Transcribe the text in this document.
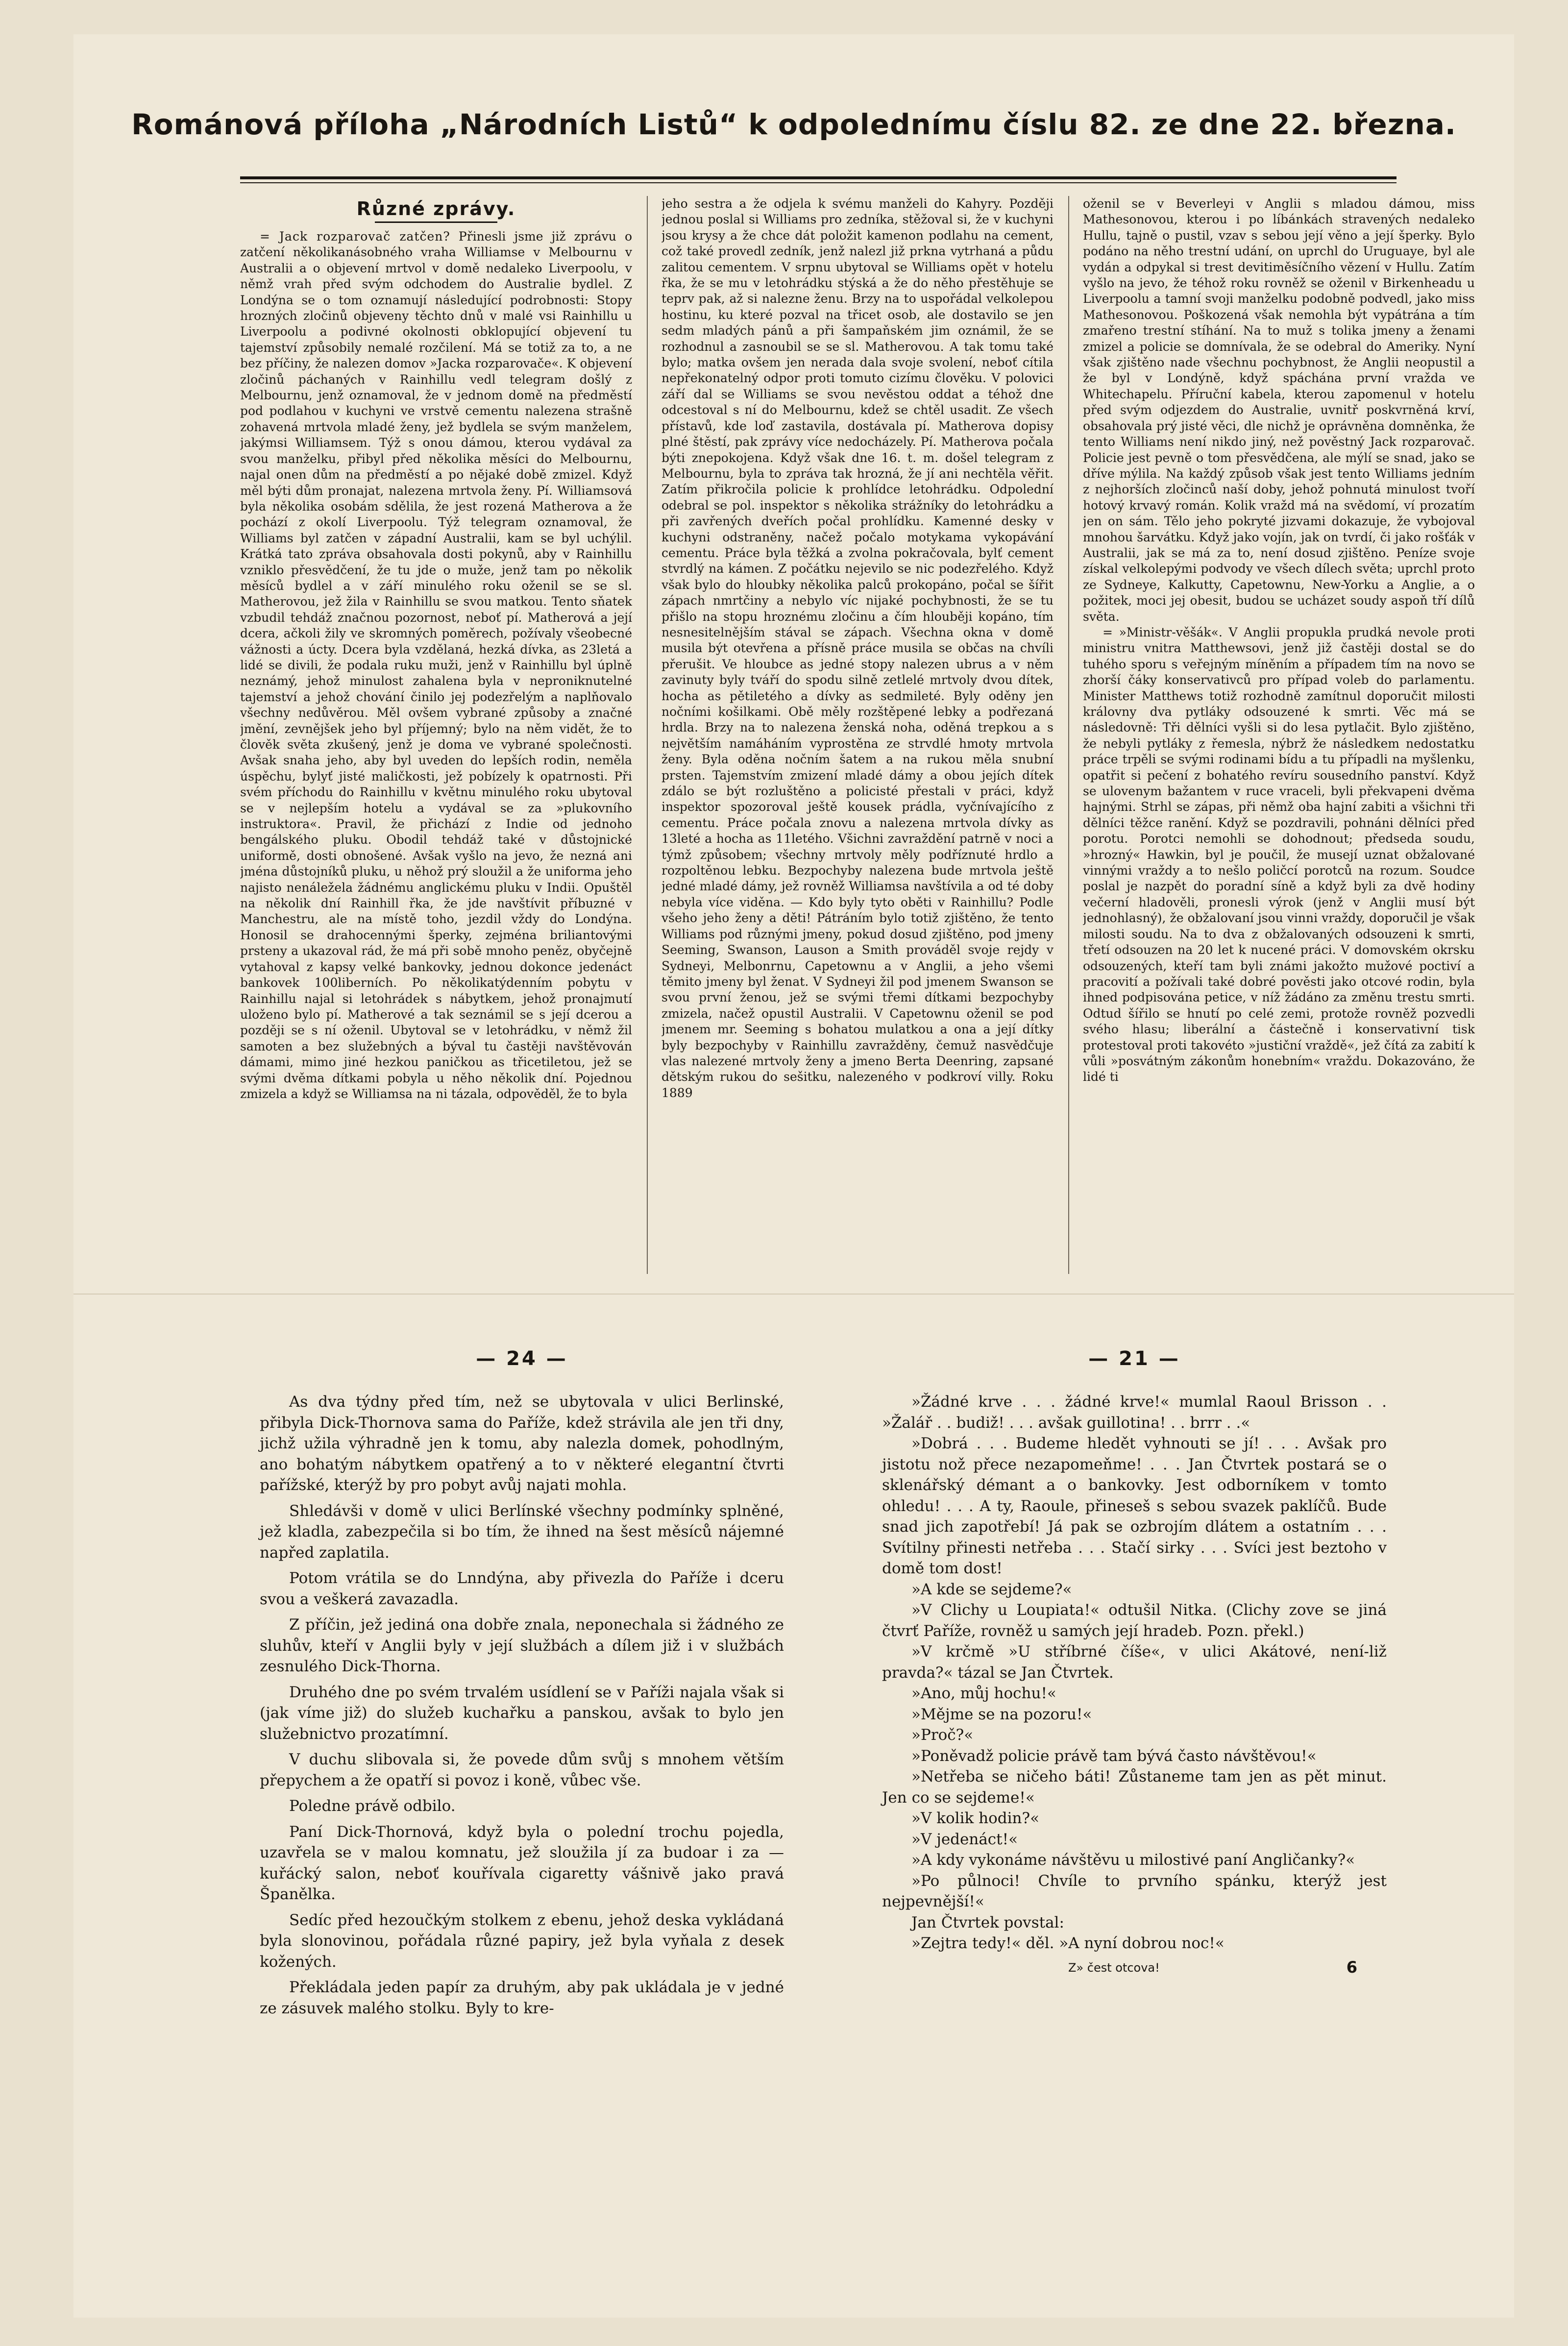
Románová příloha „Národních Listů“ k odpolednímu číslu 82. ze dne 22. března.
Různé zprávy.

= Jack rozparovač zatčen? Přinesli jsme již zprávu o zatčení několikanásobného vraha Williamse v Melbournu v Australii a o objevení mrtvol v domě nedaleko Liverpoolu, v němž vrah před svým odchodem do Australie bydlel. Z Londýna se o tom oznamují následující podrobnosti: Stopy hrozných zločinů objeveny těchto dnů v malé vsi Rainhillu u Liverpoolu a podivné okolnosti obklopující objevení tu tajemství způsobily nemalé rozčilení. Má se totiž za to, a ne bez příčiny, že nalezen domov »Jacka rozparovače«. K objevení zločinů páchaných v Rainhillu vedl telegram došlý z Melbournu, jenž oznamoval, že v jednom domě na předměstí pod podlahou v kuchyni ve vrstvě cementu nalezena strašně zohavená mrtvola mladé ženy, jež bydlela se svým manželem, jakýmsi Williamsem. Týž s onou dámou, kterou vydával za svou manželku, přibyl před několika měsíci do Melbournu, najal onen dům na předměstí a po nějaké době zmizel. Když měl býti dům pronajat, nalezena mrtvola ženy. Pí. Williamsová byla několika osobám sdělila, že jest rozená Matherova a že pochází z okolí Liverpoolu. Týž telegram oznamoval, že Williams byl zatčen v západní Australii, kam se byl uchýlil. Krátká tato zpráva obsahovala dosti pokynů, aby v Rainhillu vzniklo přesvědčení, že tu jde o muže, jenž tam po několik měsíců bydlel a v září minulého roku oženil se se sl. Matherovou, jež žila v Rainhillu se svou matkou. Tento sňatek vzbudil tehdáž značnou pozornost, neboť pí. Matherová a její dcera, ačkoli žily ve skromných poměrech, požívaly všeobecné vážnosti a úcty. Dcera byla vzdělaná, hezká dívka, as 23letá a lidé se divili, že podala ruku muži, jenž v Rainhillu byl úplně neznámý, jehož minulost zahalena byla v neproniknutelné tajemství a jehož chování činilo jej podezřelým a naplňovalo všechny nedůvěrou. Měl ovšem vybrané způsoby a značné jmění, zevnějšek jeho byl příjemný; bylo na něm vidět, že to člověk světa zkušený, jenž je doma ve vybrané společnosti. Avšak snaha jeho, aby byl uveden do lepších rodin, neměla úspěchu, bylyť jisté maličkosti, jež pobízely k opatrnosti. Při svém příchodu do Rainhillu v květnu minulého roku ubytoval se v nejlepším hotelu a vydával se za »plukovního instruktora«. Pravil, že přichází z Indie od jednoho bengálského pluku. Obodil tehdáž také v důstojnické uniformě, dosti obnošené. Avšak vyšlo na jevo, že nezná ani jména důstojníků pluku, u něhož prý sloužil a že uniforma jeho najisto nenáležela žádnému anglickému pluku v Indii. Opuštěl na několik dní Rainhill řka, že jde navštívit příbuzné v Manchestru, ale na místě toho, jezdil vždy do Londýna. Honosil se drahocennými šperky, zejména briliantovými prsteny a ukazoval rád, že má při sobě mnoho peněz, obyčejně vytahoval z kapsy velké bankovky, jednou dokonce jedenáct bankovek 100liberních. Po několikatýdenním pobytu v Rainhillu najal si letohrádek s nábytkem, jehož pronajmutí uloženo bylo pí. Matherové a tak seznámil se s její dcerou a později se s ní oženil. Ubytoval se v letohrádku, v němž žil samoten a bez služebných a býval tu častěji navštěvován dámami, mimo jiné hezkou paničkou as třicetiletou, jež se svými dvěma dítkami pobyla u něho několik dní. Pojednou zmizela a když se Williamsa na ni tázala, odpověděl, že to byla

jeho sestra a že odjela k svému manželi do Kahyry. Později jednou poslal si Williams pro zedníka, stěžoval si, že v kuchyni jsou krysy a že chce dát položit kamenon podlahu na cement, což také provedl zedník, jenž nalezl již prkna vytrhaná a půdu zalitou cementem. V srpnu ubytoval se Williams opět v hotelu řka, že se mu v letohrádku stýská a že do něho přestěhuje se teprv pak, až si nalezne ženu. Brzy na to uspořádal velkolepou hostinu, ku které pozval na třicet osob, ale dostavilo se jen sedm mladých pánů a při šampaňském jim oznámil, že se rozhodnul a zasnoubil se se sl. Matherovou. A tak tomu také bylo; matka ovšem jen nerada dala svoje svolení, neboť cítila nepřekonatelný odpor proti tomuto cizímu člověku. V polovici září dal se Williams se svou nevěstou oddat a téhož dne odcestoval s ní do Melbournu, kdež se chtěl usadit. Ze všech přístavů, kde loď zastavila, dostávala pí. Matherova dopisy plné štěstí, pak zprávy více nedocházely. Pí. Matherova počala býti znepokojena. Když však dne 16. t. m. došel telegram z Melbournu, byla to zpráva tak hrozná, že jí ani nechtěla věřit. Zatím přikročila policie k prohlídce letohrádku. Odpolední odebral se pol. inspektor s několika strážníky do letohrádku a při zavřených dveřích počal prohlídku. Kamenné desky v kuchyni odstraněny, načež počalo motykama vykopávání cementu. Práce byla těžká a zvolna pokračovala, bylť cement stvrdlý na kámen. Z počátku nejevilo se nic podezřelého. Když však bylo do hloubky několika palců prokopáno, počal se šířit zápach nmrtčiny a nebylo víc nijaké pochybnosti, že se tu přišlo na stopu hroznému zločinu a čím hlouběji kopáno, tím nesnesitelnějším stával se zápach. Všechna okna v domě musila být otevřena a přísně práce musila se občas na chvíli přerušit. Ve hloubce as jedné stopy nalezen ubrus a v něm zavinuty byly tváří do spodu silně zetlelé mrtvoly dvou dítek, hocha as pětiletého a dívky as sedmileté. Byly oděny jen nočními košilkami. Obě měly rozštěpené lebky a podřezaná hrdla. Brzy na to nalezena ženská noha, oděná trepkou a s největším namáháním vyprostěna ze strvdlé hmoty mrtvola ženy. Byla oděna nočním šatem a na rukou měla snubní prsten. Tajemstvím zmizení mladé dámy a obou jejích dítek zdálo se být rozluštěno a policisté přestali v práci, když inspektor spozoroval ještě kousek prádla, vyčnívajícího z cementu. Práce počala znovu a nalezena mrtvola dívky as 13leté a hocha as 11letého. Všichni zavraždění patrně v noci a týmž způsobem; všechny mrtvoly měly podříznuté hrdlo a rozpoltěnou lebku. Bezpochyby nalezena bude mrtvola ještě jedné mladé dámy, jež rovněž Williamsa navštívila a od té doby nebyla více viděna. — Kdo byly tyto oběti v Rainhillu? Podle všeho jeho ženy a děti! Pátráním bylo totiž zjištěno, že tento Williams pod různými jmeny, pokud dosud zjištěno, pod jmeny Seeming, Swanson, Lauson a Smith prováděl svoje rejdy v Sydneyi, Melbonrnu, Capetownu a v Anglii, a jeho všemi těmito jmeny byl ženat. V Sydneyi žil pod jmenem Swanson se svou první ženou, jež se svými třemi dítkami bezpochyby zmizela, načež opustil Australii. V Capetownu oženil se pod jmenem mr. Seeming s bohatou mulatkou a ona a její dítky byly bezpochyby v Rainhillu zavražděny, čemuž nasvědčuje vlas nalezené mrtvoly ženy a jmeno Berta Deenring, zapsané dětským rukou do sešitku, nalezeného v podkroví villy. Roku 1889

oženil se v Beverleyi v Anglii s mladou dámou, miss Mathesonovou, kterou i po líbánkách stravených nedaleko Hullu, tajně o pustil, vzav s sebou její věno a její šperky. Bylo podáno na něho trestní udání, on uprchl do Uruguaye, byl ale vydán a odpykal si trest devitiměsíčního vězení v Hullu. Zatím vyšlo na jevo, že téhož roku rovněž se oženil v Birkenheadu u Liverpoolu a tamní svoji manželku podobně podvedl, jako miss Mathesonovou. Poškozená však nemohla být vypátrána a tím zmařeno trestní stíhání. Na to muž s tolika jmeny a ženami zmizel a policie se domnívala, že se odebral do Ameriky. Nyní však zjištěno nade všechnu pochybnost, že Anglii neopustil a že byl v Londýně, když spáchána první vražda ve Whitechapelu. Příruční kabela, kterou zapomenul v hotelu před svým odjezdem do Australie, uvnitř poskvrněná krví, obsahovala prý jisté věci, dle nichž je oprávněna domněnka, že tento Williams není nikdo jiný, než pověstný Jack rozparovač. Policie jest pevně o tom přesvědčena, ale mýlí se snad, jako se dříve mýlila. Na každý způsob však jest tento Williams jedním z nejhorších zločinců naší doby, jehož pohnutá minulost tvoří hotový krvavý román. Kolik vražd má na svědomí, ví prozatím jen on sám. Tělo jeho pokryté jizvami dokazuje, že vybojoval mnohou šarvátku. Když jako vojín, jak on tvrdí, či jako rošťák v Australii, jak se má za to, není dosud zjištěno. Peníze svoje získal velkolepými podvody ve všech dílech světa; uprchl proto ze Sydneye, Kalkutty, Capetownu, New-Yorku a Anglie, a o požitek, moci jej obesit, budou se ucházet soudy aspoň tří dílů světa.

= »Ministr-věšák«. V Anglii propukla prudká nevole proti ministru vnitra Matthewsovi, jenž již častěji dostal se do tuhého sporu s veřejným míněním a případem tím na novo se zhorší čáky konservativců pro případ voleb do parlamentu. Minister Matthews totiž rozhodně zamítnul doporučit milosti královny dva pytláky odsouzené k smrti. Věc má se následovně: Tři dělníci vyšli si do lesa pytlačit. Bylo zjištěno, že nebyli pytláky z řemesla, nýbrž že následkem nedostatku práce trpěli se svými rodinami bídu a tu případli na myšlenku, opatřit si pečení z bohatého revíru sousedního panství. Když se ulovenym bažantem v ruce vraceli, byli překvapeni dvěma hajnými. Strhl se zápas, při němž oba hajní zabiti a všichni tři dělníci těžce ranění. Když se pozdravili, pohnáni dělníci před porotu. Porotci nemohli se dohodnout; předseda soudu, »hrozný« Hawkin, byl je poučil, že musejí uznat obžalované vinnými vraždy a to nešlo poličcí porotců na rozum. Soudce poslal je nazpět do poradní síně a když byli za dvě hodiny večerní hladověli, pronesli výrok (jenž v Anglii musí být jednohlasný), že obžalovaní jsou vinni vraždy, doporučil je však milosti soudu. Na to dva z obžalovaných odsouzeni k smrti, třetí odsouzen na 20 let k nucené práci. V domovském okrsku odsouzených, kteří tam byli známi jakožto mužové poctiví a pracovití a požívali také dobré pověsti jako otcové rodin, byla ihned podpisována petice, v níž žádáno za změnu trestu smrti. Odtud šířilo se hnutí po celé zemi, protože rovněž pozvedli svého hlasu; liberální a částečně i konservativní tisk protestoval proti takovéto »justiční vraždě«, jež čítá za zabití k vůli »posvátným zákonům honebním« vraždu. Dokazováno, že lidé ti

— 24 —

As dva týdny před tím, než se ubytovala v ulici Berlinské, přibyla Dick-Thornova sama do Paříže, kdež strávila ale jen tři dny, jichž užila výhradně jen k tomu, aby nalezla domek, pohodlným, ano bohatým nábytkem opatřený a to v některé elegantní čtvrti pařížské, kterýž by pro pobyt avůj najati mohla.

Shledávši v domě v ulici Berlínské všechny podmínky splněné, jež kladla, zabezpečila si bo tím, že ihned na šest měsíců nájemné napřed zaplatila.

Potom vrátila se do Lnndýna, aby přivezla do Paříže i dceru svou a veškerá zavazadla.

Z příčin, jež jediná ona dobře znala, neponechala si žádného ze sluhův, kteří v Anglii byly v její službách a dílem již i v službách zesnulého Dick-Thorna.

Druhého dne po svém trvalém usídlení se v Paříži najala však si (jak víme již) do služeb kuchařku a panskou, avšak to bylo jen služebnictvo prozatímní.

V duchu slibovala si, že povede dům svůj s mnohem větším přepychem a že opatří si povoz i koně, vůbec vše.

Poledne právě odbilo.

Paní Dick-Thornová, když byla o polední trochu pojedla, uzavřela se v malou komnatu, jež sloužila jí za budoar i za — kuřácký salon, neboť kouřívala cigaretty vášnivě jako pravá Španělka.

Sedíc před hezoučkým stolkem z ebenu, jehož deska vykládaná byla slonovinou, pořádala různé papiry, jež byla vyňala z desek kožených.

Překládala jeden papír za druhým, aby pak ukládala je v jedné ze zásuvek malého stolku. Byly to kre-

— 21 —

»Žádné krve . . . žádné krve!« mumlal Raoul Brisson . . »Žalář . . budiž! . . . avšak guillotina! . . brrr . .«

»Dobrá . . . Budeme hledět vyhnouti se jí! . . . Avšak pro jistotu nož přece nezapomeňme! . . . Jan Čtvrtek postará se o sklenářský démant a o bankovky. Jest odborníkem v tomto ohledu! . . . A ty, Raoule, přineseš s sebou svazek paklíčů. Bude snad jich zapotřebí! Já pak se ozbrojím dlátem a ostatním . . . Svítilny přinesti netřeba . . . Stačí sirky . . . Svíci jest beztoho v domě tom dost!

»A kde se sejdeme?«

»V Clichy u Loupiata!« odtušil Nitka. (Clichy zove se jiná čtvrť Paříže, rovněž u samých její hradeb. Pozn. překl.)

»V krčmě »U stříbrné číše«, v ulici Akátové, není-liž pravda?« tázal se Jan Čtvrtek.

»Ano, můj hochu!«

»Mějme se na pozoru!«

»Proč?«

»Poněvadž policie právě tam bývá často návštěvou!«

»Netřeba se ničeho báti! Zůstaneme tam jen as pět minut. Jen co se sejdeme!«

»V kolik hodin?«

»V jedenáct!«

»A kdy vykonáme návštěvu u milostivé paní Angličanky?«

»Po půlnoci! Chvíle to prvního spánku, kterýž jest nejpevnější!«

Jan Čtvrtek povstal:

»Zejtra tedy!« děl. »A nyní dobrou noc!«

Z» čest otcova!	6
